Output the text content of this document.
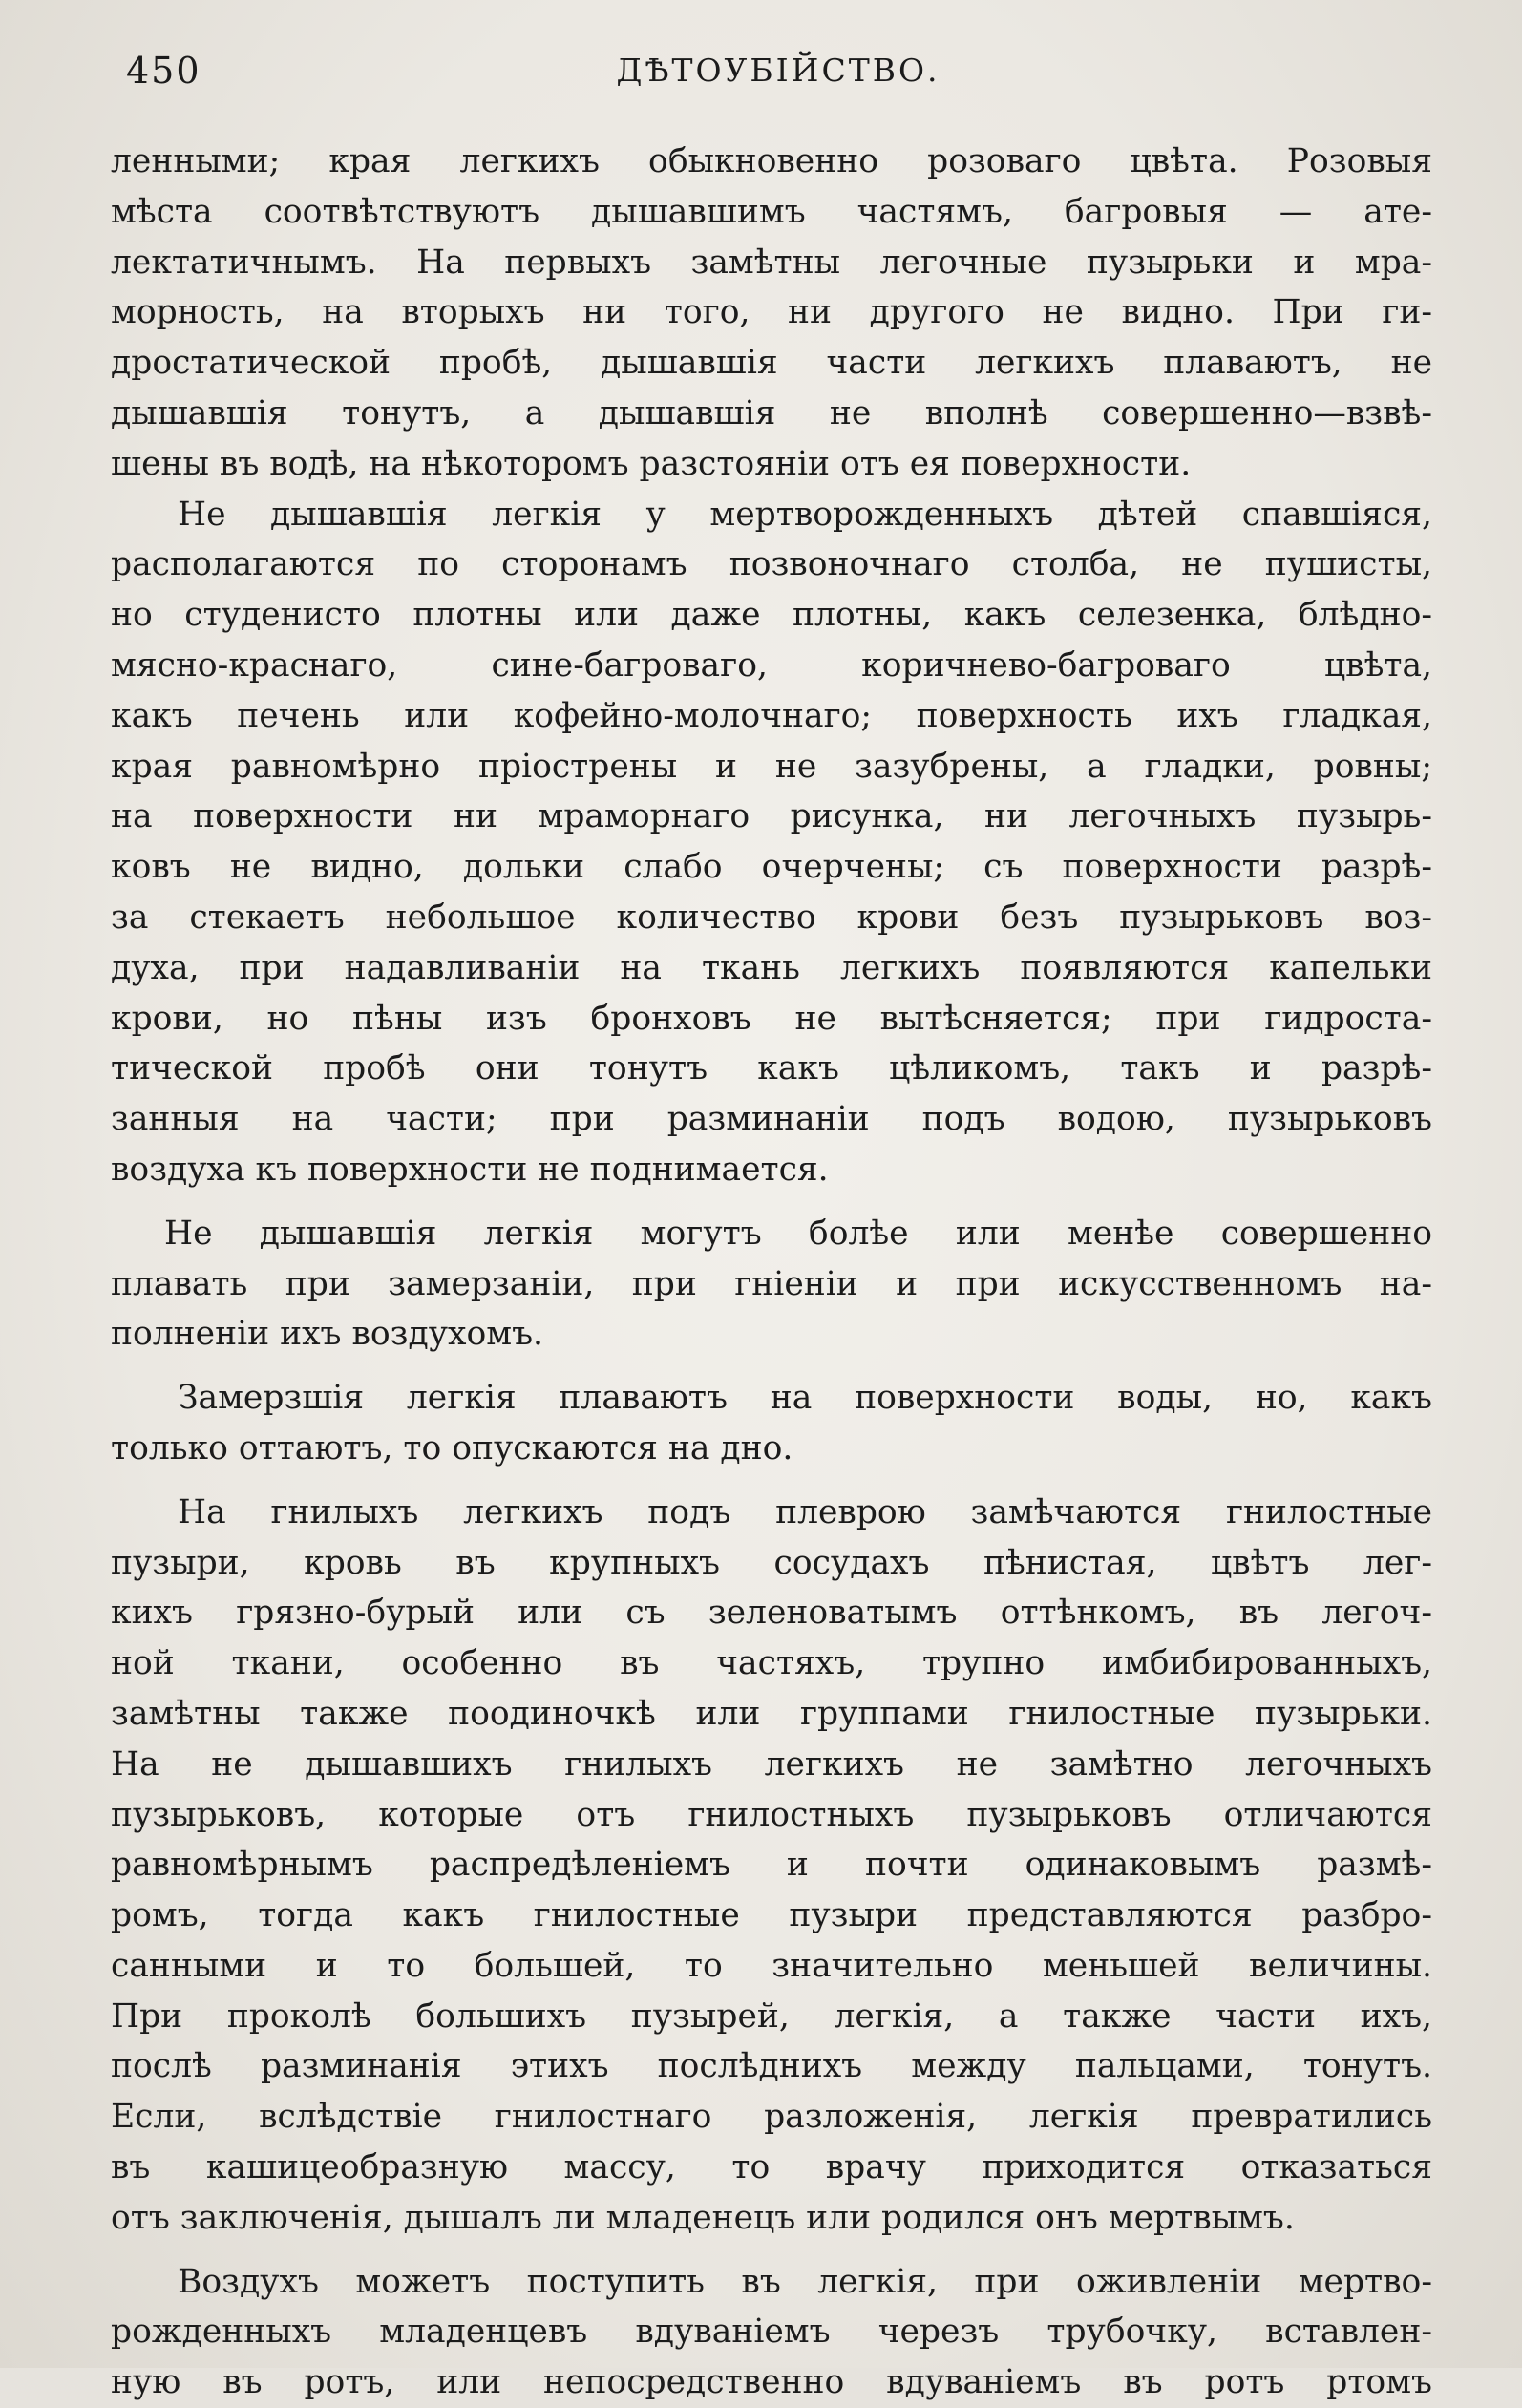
450	ДѢТОУБІЙСТВО.
ленными; края легкихъ обыкновенно розоваго цвѣта. Розовыя
мѣста соотвѣтствуютъ дышавшимъ частямъ, багровыя — ате-
лектатичнымъ. На первыхъ замѣтны легочные пузырьки и мра-
морность, на вторыхъ ни того, ни другого не видно. При ги-
дростатической пробѣ, дышавшія части легкихъ плаваютъ, не
дышавшія тонутъ, а дышавшія не вполнѣ совершенно—взвѣ-
шены въ водѣ, на нѣкоторомъ разстояніи отъ ея поверхности.
Не дышавшія легкія у мертворожденныхъ дѣтей спавшіяся,
располагаются по сторонамъ позвоночнаго столба, не пушисты,
но студенисто плотны или даже плотны, какъ селезенка, блѣдно-
мясно-краснаго, сине-багроваго, коричнево-багроваго цвѣта,
какъ печень или кофейно-молочнаго; поверхность ихъ гладкая,
края равномѣрно пріострены и не зазубрены, а гладки, ровны;
на поверхности ни мраморнаго рисунка, ни легочныхъ пузырь-
ковъ не видно, дольки слабо очерчены; съ поверхности разрѣ-
за стекаетъ небольшое количество крови безъ пузырьковъ воз-
духа, при надавливаніи на ткань легкихъ появляются капельки
крови, но пѣны изъ бронховъ не вытѣсняется; при гидроста-
тической пробѣ они тонутъ какъ цѣликомъ, такъ и разрѣ-
занныя на части; при разминаніи подъ водою, пузырьковъ
воздуха къ поверхности не поднимается.
Не дышавшія легкія могутъ болѣе или менѣе совершенно
плавать при замерзаніи, при гніеніи и при искусственномъ на-
полненіи ихъ воздухомъ.
Замерзшія легкія плаваютъ на поверхности воды, но, какъ
только оттаютъ, то опускаются на дно.
На гнилыхъ легкихъ подъ плеврою замѣчаются гнилостные
пузыри, кровь въ крупныхъ сосудахъ пѣнистая, цвѣтъ лег-
кихъ грязно-бурый или съ зеленоватымъ оттѣнкомъ, въ легоч-
ной ткани, особенно въ частяхъ, трупно имбибированныхъ,
замѣтны также поодиночкѣ или группами гнилостные пузырьки.
На не дышавшихъ гнилыхъ легкихъ не замѣтно легочныхъ
пузырьковъ, которые отъ гнилостныхъ пузырьковъ отличаются
равномѣрнымъ распредѣленіемъ и почти одинаковымъ размѣ-
ромъ, тогда какъ гнилостные пузыри представляются разбро-
санными и то большей, то значительно меньшей величины.
При проколѣ большихъ пузырей, легкія, а также части ихъ,
послѣ разминанія этихъ послѣднихъ между пальцами, тонутъ.
Если, вслѣдствіе гнилостнаго разложенія, легкія превратились
въ кашицеобразную массу, то врачу приходится отказаться
отъ заключенія, дышалъ ли младенецъ или родился онъ мертвымъ.
Воздухъ можетъ поступить въ легкія, при оживленіи мертво-
рожденныхъ младенцевъ вдуваніемъ черезъ трубочку, вставлен-
ную въ ротъ, или непосредственно вдуваніемъ въ ротъ ртомъ
